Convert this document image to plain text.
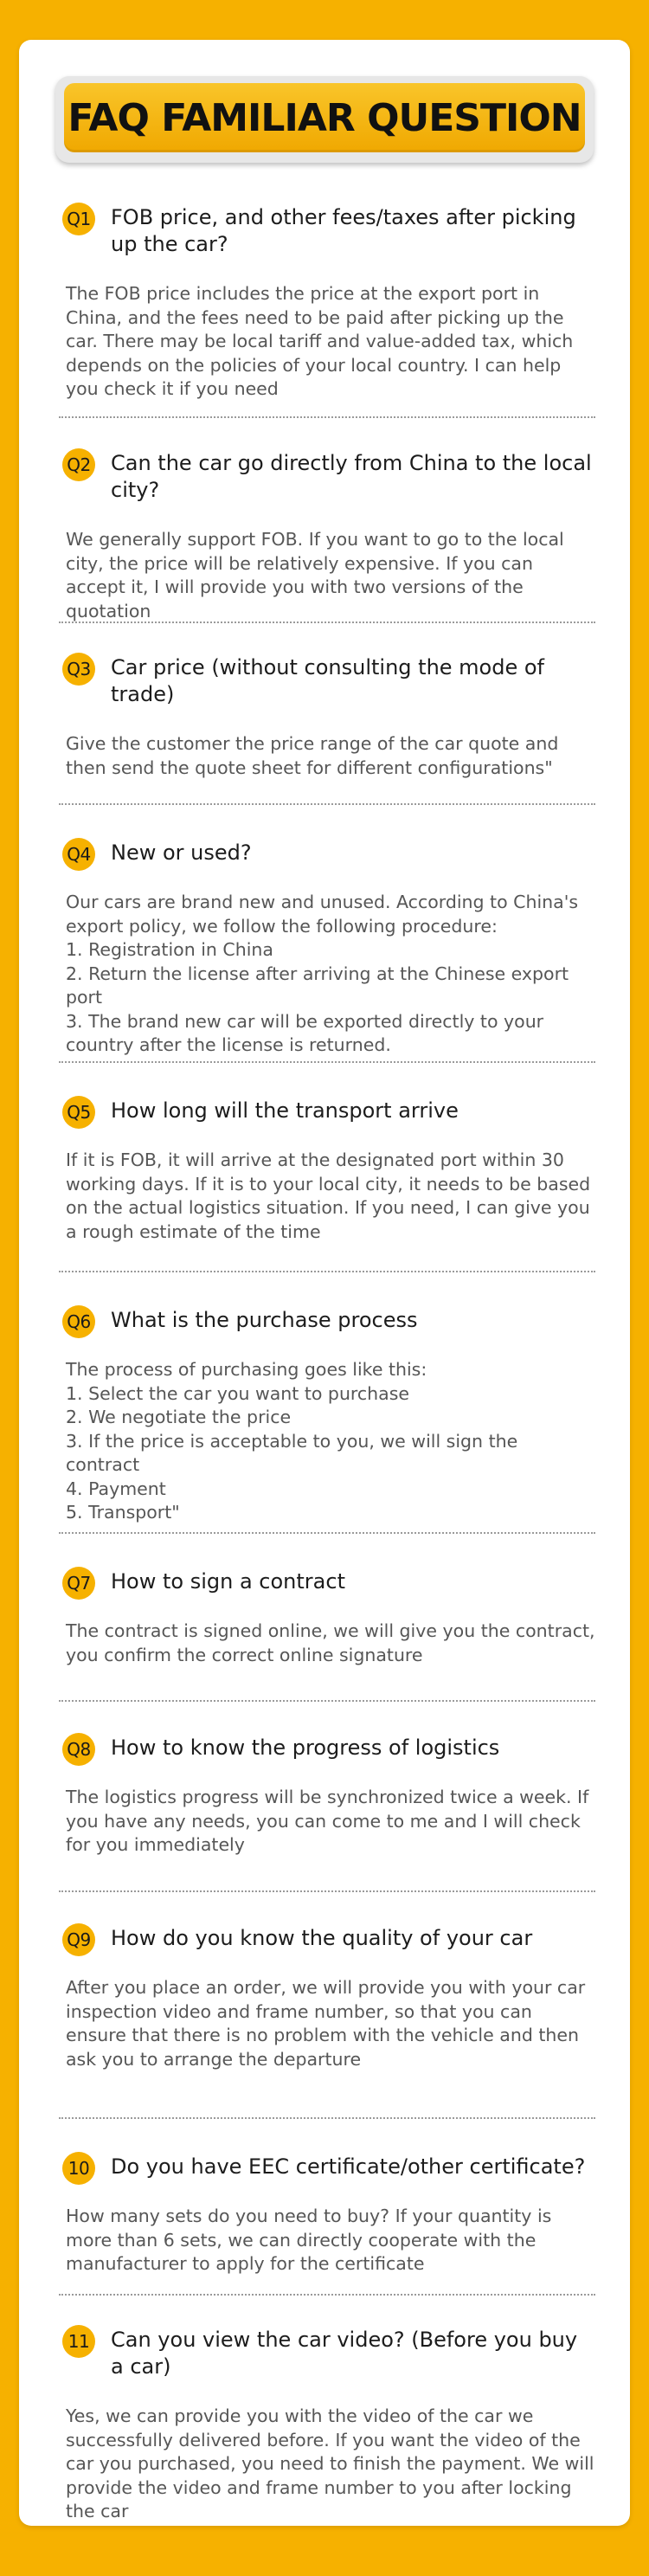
FAQ FAMILIAR QUESTION
Q1 FOB price, and other fees/taxes after picking up the car?
The FOB price includes the price at the export port in China, and the fees need to be paid after picking up the car. There may be local tariff and value-added tax, which depends on the policies of your local country. I can help you check it if you need
Q2 Can the car go directly from China to the local city?
We generally support FOB. If you want to go to the local city, the price will be relatively expensive. If you can accept it, I will provide you with two versions of the quotation
Q3 Car price (without consulting the mode of trade)
Give the customer the price range of the car quote and then send the quote sheet for different configurations"
Q4 New or used?
Our cars are brand new and unused. According to China's export policy, we follow the following procedure:
1. Registration in China
2. Return the license after arriving at the Chinese export port
3. The brand new car will be exported directly to your country after the license is returned.
Q5 How long will the transport arrive
If it is FOB, it will arrive at the designated port within 30 working days. If it is to your local city, it needs to be based on the actual logistics situation. If you need, I can give you a rough estimate of the time
Q6 What is the purchase process
The process of purchasing goes like this:
1. Select the car you want to purchase
2. We negotiate the price
3. If the price is acceptable to you, we will sign the contract
4. Payment
5. Transport"
Q7 How to sign a contract
The contract is signed online, we will give you the contract, you confirm the correct online signature
Q8 How to know the progress of logistics
The logistics progress will be synchronized twice a week. If you have any needs, you can come to me and I will check for you immediately
Q9 How do you know the quality of your car
After you place an order, we will provide you with your car inspection video and frame number, so that you can ensure that there is no problem with the vehicle and then ask you to arrange the departure
10 Do you have EEC certificate/other certificate?
How many sets do you need to buy? If your quantity is more than 6 sets, we can directly cooperate with the manufacturer to apply for the certificate
11 Can you view the car video? (Before you buy a car)
Yes, we can provide you with the video of the car we successfully delivered before. If you want the video of the car you purchased, you need to finish the payment. We will provide the video and frame number to you after locking the car
